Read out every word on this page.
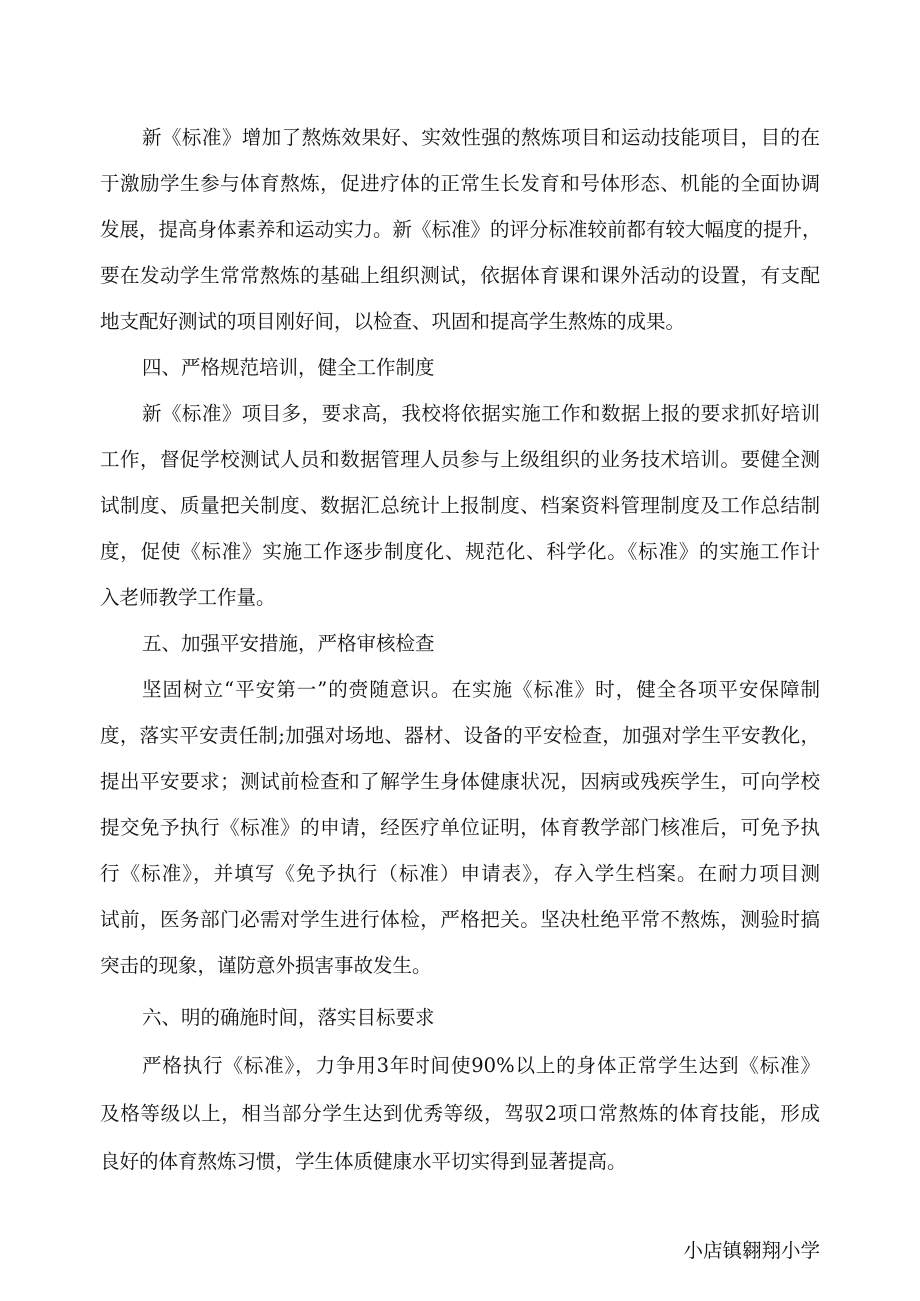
新《标准》增加了熬炼效果好、实效性强的熬炼项目和运动技能项目，目的在
于激励学生参与体育熬炼，促进疗体的正常生长发育和号体形态、机能的全面协调
发展，提高身体素养和运动实力。新《标准》的评分标准较前都有较大幅度的提升，
要在发动学生常常熬炼的基础上组织测试，依据体育课和课外活动的设置，有支配
地支配好测试的项目刚好间，以检查、巩固和提高学生熬炼的成果。
四、严格规范培训，健全工作制度
新《标准》项目多，要求高，我校将依据实施工作和数据上报的要求抓好培训
工作，督促学校测试人员和数据管理人员参与上级组织的业务技术培训。要健全测
试制度、质量把关制度、数据汇总统计上报制度、档案资料管理制度及工作总结制
度，促使《标准》实施工作逐步制度化、规范化、科学化。《标准》的实施工作计
入老师教学工作量。
五、加强平安措施，严格审核检查
坚固树立“平安第一”的赍随意识。在实施《标准》时，健全各项平安保障制
度，落实平安责任制;加强对场地、器材、设备的平安检查，加强对学生平安教化，
提出平安要求；测试前检查和了解学生身体健康状况，因病或残疾学生，可向学校
提交免予执行《标准》的申请，经医疗单位证明，体育教学部门核准后，可免予执
行《标准》，并填写《免予执行（标准）申请表》，存入学生档案。在耐力项目测
试前，医务部门必需对学生进行体检，严格把关。坚决杜绝平常不熬炼，测验时搞
突击的现象，谨防意外损害事故发生。
六、明的确施时间，落实目标要求
严格执行《标准》，力争用3年时间使90%以上的身体正常学生达到《标准》
及格等级以上，相当部分学生达到优秀等级，驾驭2项口常熬炼的体育技能，形成
良好的体育熬炼习惯，学生体质健康水平切实得到显著提高。
小店镇翱翔小学
